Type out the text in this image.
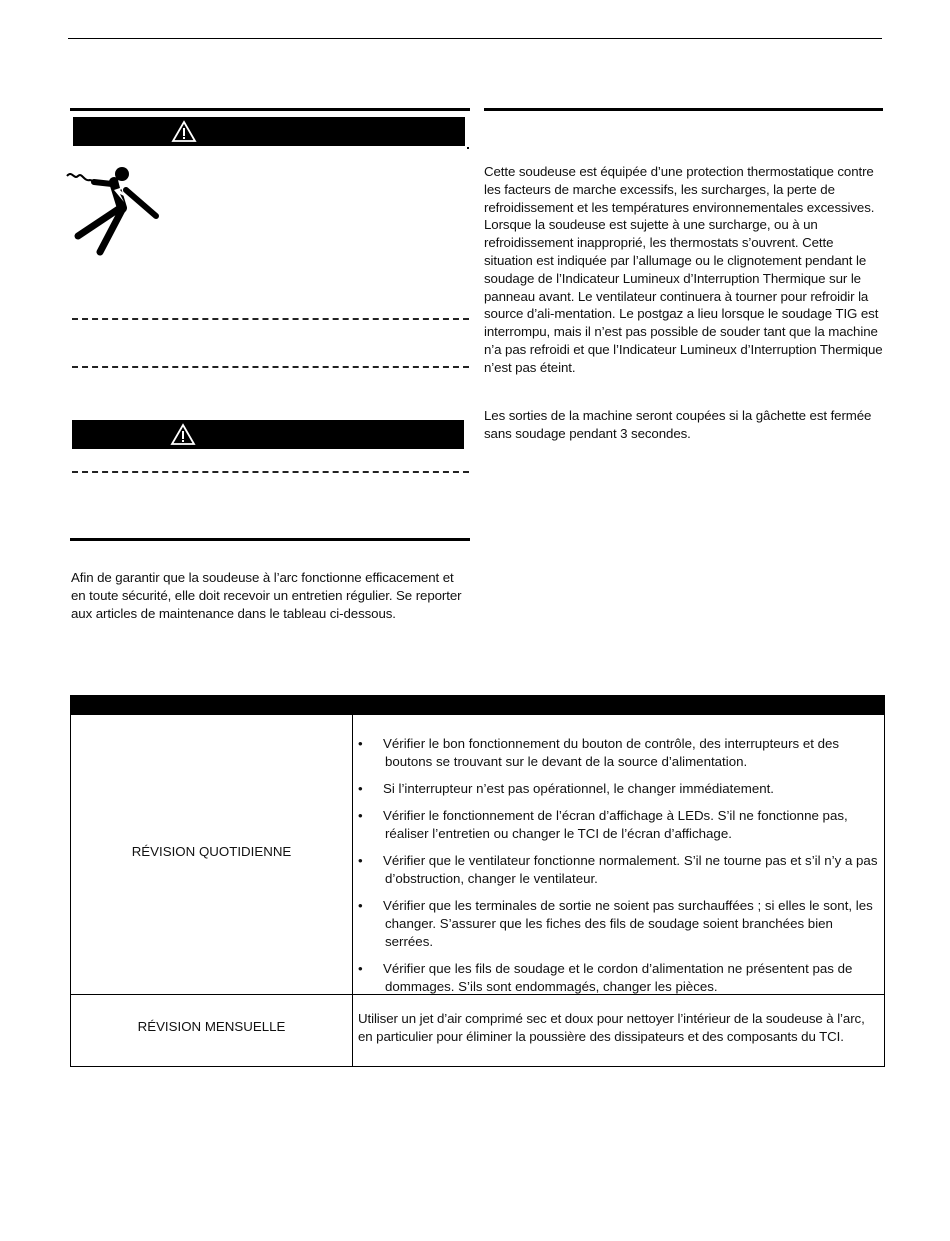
Afin de garantir que la soudeuse à l’arc fonctionne efficacement et en toute sécurité, elle doit recevoir un entretien régulier. Se reporter aux articles de maintenance dans le tableau ci-dessous.
Cette soudeuse est équipée d’une protection thermostatique contre les facteurs de marche excessifs, les surcharges, la perte de refroidissement et les températures environnementales excessives. Lorsque la soudeuse est sujette à une surcharge, ou à un refroidissement inapproprié, les thermostats s’ouvrent. Cette situation est indiquée par l’allumage ou le clignotement pendant le soudage de l’Indicateur Lumineux d’Interruption Thermique sur le panneau avant. Le ventilateur continuera à tourner pour refroidir la source d’ali-mentation. Le postgaz a lieu lorsque le soudage TIG est interrompu, mais il n’est pas possible de souder tant que la machine n’a pas refroidi et que l’Indicateur Lumineux d’Interruption Thermique n’est pas éteint.
Les sorties de la machine seront coupées si la gâchette est fermée sans soudage pendant 3 secondes.
RÉVISION QUOTIDIENNE
• Vérifier le bon fonctionnement du bouton de contrôle, des interrupteurs et des boutons se trouvant sur le devant de la source d’alimentation.
• Si l’interrupteur n’est pas opérationnel, le changer immédiatement.
• Vérifier le fonctionnement de l’écran d’affichage à LEDs. S’il ne fonctionne pas, réaliser l’entretien ou changer le TCI de l’écran d’affichage.
• Vérifier que le ventilateur fonctionne normalement. S’il ne tourne pas et s’il n’y a pas d’obstruction, changer le ventilateur.
• Vérifier que les terminales de sortie ne soient pas surchauffées ; si elles le sont, les changer. S’assurer que les fiches des fils de soudage soient branchées bien serrées.
• Vérifier que les fils de soudage et le cordon d’alimentation ne présentent pas de dommages. S’ils sont endommagés, changer les pièces.
RÉVISION MENSUELLE
Utiliser un jet d’air comprimé sec et doux pour nettoyer l’intérieur de la soudeuse à l’arc, en particulier pour éliminer la poussière des dissipateurs et des composants du TCI.
